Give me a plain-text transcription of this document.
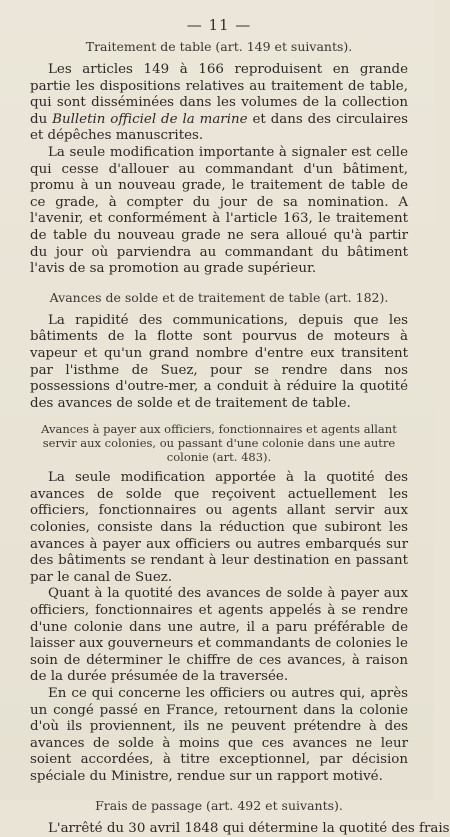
— 11 —
Traitement de table (art. 149 et suivants).

Les articles 149 à 166 reproduisent en grande partie les dispositions relatives au traitement de table, qui sont disséminées dans les volumes de la collection du Bulletin officiel de la marine et dans des circulaires et dépêches manuscrites.

La seule modification importante à signaler est celle qui cesse d'allouer au commandant d'un bâtiment, promu à un nouveau grade, le traitement de table de ce grade, à compter du jour de sa nomination. A l'avenir, et conformément à l'article 163, le traitement de table du nouveau grade ne sera alloué qu'à partir du jour où parviendra au commandant du bâtiment l'avis de sa promotion au grade supérieur.

Avances de solde et de traitement de table (art. 182).

La rapidité des communications, depuis que les bâtiments de la flotte sont pourvus de moteurs à vapeur et qu'un grand nombre d'entre eux transitent par l'isthme de Suez, pour se rendre dans nos possessions d'outre-mer, a conduit à réduire la quotité des avances de solde et de traitement de table.

Avances à payer aux officiers, fonctionnaires et agents allant servir aux colonies, ou passant d'une colonie dans une autre colonie (art. 483).

La seule modification apportée à la quotité des avances de solde que reçoivent actuellement les officiers, fonctionnaires ou agents allant servir aux colonies, consiste dans la réduction que subiront les avances à payer aux officiers ou autres embarqués sur des bâtiments se rendant à leur destination en passant par le canal de Suez.

Quant à la quotité des avances de solde à payer aux officiers, fonctionnaires et agents appelés à se rendre d'une colonie dans une autre, il a paru préférable de laisser aux gouverneurs et commandants de colonies le soin de déterminer le chiffre de ces avances, à raison de la durée présumée de la traversée.

En ce qui concerne les officiers ou autres qui, après un congé passé en France, retournent dans la colonie d'où ils proviennent, ils ne peuvent prétendre à des avances de solde à moins que ces avances ne leur soient accordées, à titre exceptionnel, par décision spéciale du Ministre, rendue sur un rapport motivé.

Frais de passage (art. 492 et suivants).

L'arrêté du 30 avril 1848 qui détermine la quotité des frais
